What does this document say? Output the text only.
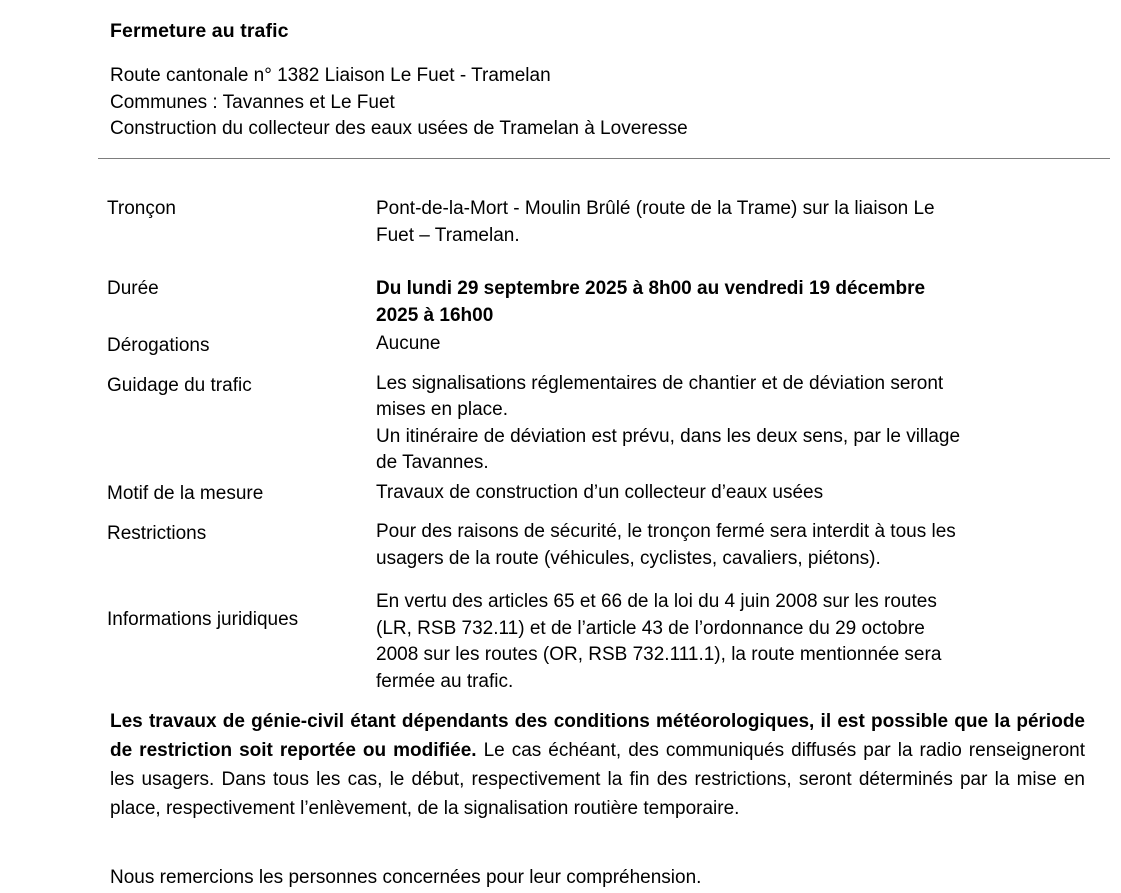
Fermeture au trafic
Route cantonale n° 1382 Liaison Le Fuet - Tramelan
Communes : Tavannes et Le Fuet
Construction du collecteur des eaux usées de Tramelan à Loveresse
Tronçon	Pont-de-la-Mort - Moulin Brûlé (route de la Trame) sur la liaison Le
Fuet – Tramelan.

Durée	Du lundi 29 septembre 2025 à 8h00 au vendredi 19 décembre
2025 à 16h00

Dérogations	Aucune

Guidage du trafic	Les signalisations réglementaires de chantier et de déviation seront
mises en place.
Un itinéraire de déviation est prévu, dans les deux sens, par le village
de Tavannes.

Motif de la mesure	Travaux de construction d’un collecteur d’eaux usées

Restrictions	Pour des raisons de sécurité, le tronçon fermé sera interdit à tous les
usagers de la route (véhicules, cyclistes, cavaliers, piétons).

Informations juridiques	En vertu des articles 65 et 66 de la loi du 4 juin 2008 sur les routes
(LR, RSB 732.11) et de l’article 43 de l’ordonnance du 29 octobre
2008 sur les routes (OR, RSB 732.111.1), la route mentionnée sera
fermée au trafic.

Les travaux de génie-civil étant dépendants des conditions météorologiques, il est possible que la période de restriction soit reportée ou modifiée. Le cas échéant, des communiqués diffusés par la radio renseigneront les usagers. Dans tous les cas, le début, respectivement la fin des restrictions, seront déterminés par la mise en place, respectivement l’enlèvement, de la signalisation routière temporaire.

Nous remercions les personnes concernées pour leur compréhension.
